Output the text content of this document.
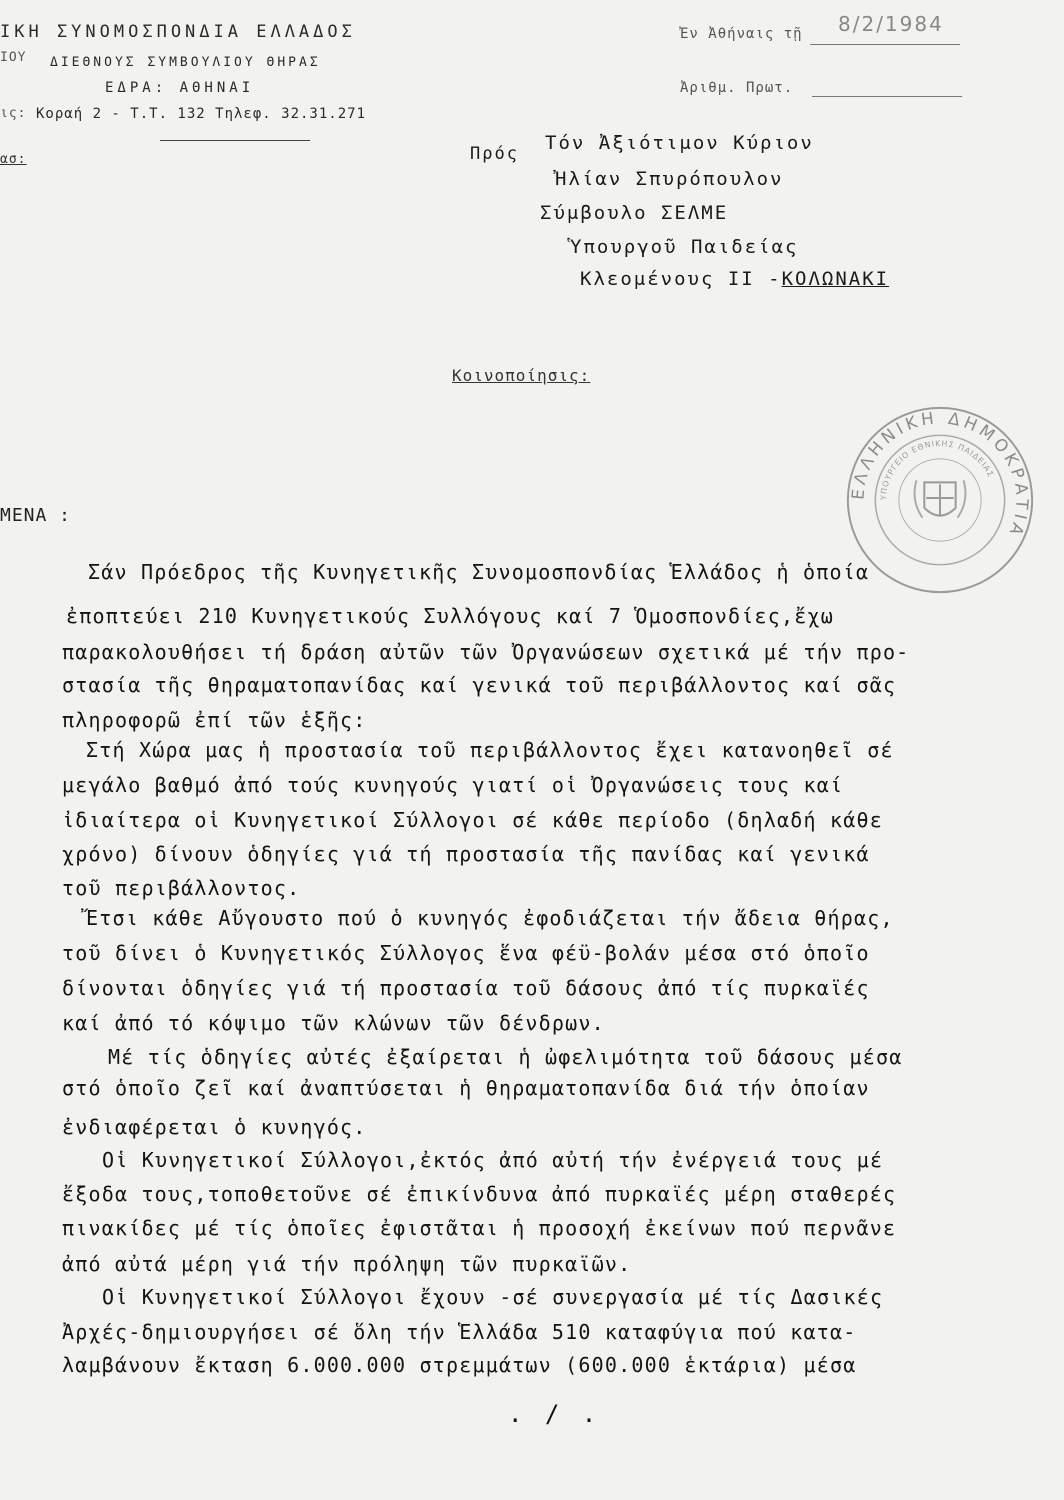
ΙΚΗ ΣΥΝΟΜΟΣΠΟΝΔΙΑ ΕΛΛΑΔΟΣ
ΙΟΥ ΔΙΕΘΝΟΥΣ ΣΥΜΒΟΥΛΙΟΥ ΘΗΡΑΣ
ΕΔΡΑ: ΑΘΗΝΑΙ
ις: Κοραή 2 - Τ.Τ. 132 Τηλεφ. 32.31.271
ασ:
Ἐν Ἀθήναις τῇ 8/2/1984
Ἀριθμ. Πρωτ.
Πρός Τόν Ἀξιότιμον Κύριον
Ἠλίαν Σπυρόπουλον
Σύμβουλο ΣΕΛΜΕ
Ὑπουργοῦ Παιδείας
Κλεομένους ΙΙ -ΚΟΛΩΝΑΚΙ
Κοινοποίησις:
ΕΛΛΗΝΙΚΗ ΔΗΜΟΚΡΑΤΙΑ
ΥΠΟΥΡΓΕΙΟ ΕΘΝΙΚΗΣ ΠΑΙΔΕΙΑΣ
ΜΕΝΑ :
Σάν Πρόεδρος τῆς Κυνηγετικῆς Συνομοσπονδίας Ἑλλάδος ἡ ὁποία
ἐποπτεύει 210 Κυνηγετικούς Συλλόγους καί 7 Ὁμοσπονδίες,ἔχω
παρακολουθήσει τή δράση αὐτῶν τῶν Ὀργανώσεων σχετικά μέ τήν προ-
στασία τῆς θηραματοπανίδας καί γενικά τοῦ περιβάλλοντος καί σᾶς
πληροφορῶ ἐπί τῶν ἑξῆς:
Στή Χώρα μας ἡ προστασία τοῦ περιβάλλοντος ἔχει κατανοηθεῖ σέ
μεγάλο βαθμό ἀπό τούς κυνηγούς γιατί οἱ Ὀργανώσεις τους καί
ἰδιαίτερα οἱ Κυνηγετικοί Σύλλογοι σέ κάθε περίοδο (δηλαδή κάθε
χρόνο) δίνουν ὁδηγίες γιά τή προστασία τῆς πανίδας καί γενικά
τοῦ περιβάλλοντος.
Ἔτσι κάθε Αὔγουστο πού ὁ κυνηγός ἐφοδιάζεται τήν ἄδεια θήρας,
τοῦ δίνει ὁ Κυνηγετικός Σύλλογος ἕνα φέϋ-βολάν μέσα στό ὁποῖο
δίνονται ὁδηγίες γιά τή προστασία τοῦ δάσους ἀπό τίς πυρκαϊές
καί ἀπό τό κόψιμο τῶν κλώνων τῶν δένδρων.
Μέ τίς ὁδηγίες αὐτές ἐξαίρεται ἡ ὠφελιμότητα τοῦ δάσους μέσα
στό ὁποῖο ζεῖ καί ἀναπτύσεται ἡ θηραματοπανίδα διά τήν ὁποίαν
ἐνδιαφέρεται ὁ κυνηγός.
Οἱ Κυνηγετικοί Σύλλογοι,ἐκτός ἀπό αὐτή τήν ἐνέργειά τους μέ
ἔξοδα τους,τοποθετοῦνε σέ ἐπικίνδυνα ἀπό πυρκαϊές μέρη σταθερές
πινακίδες μέ τίς ὁποῖες ἐφιστᾶται ἡ προσοχή ἐκείνων πού περνᾶνε
ἀπό αὐτά μέρη γιά τήν πρόληψη τῶν πυρκαϊῶν.
Οἱ Κυνηγετικοί Σύλλογοι ἔχουν -σέ συνεργασία μέ τίς Δασικές
Ἀρχές-δημιουργήσει σέ ὅλη τήν Ἑλλάδα 510 καταφύγια πού κατα-
λαμβάνουν ἔκταση 6.000.000 στρεμμάτων (600.000 ἑκτάρια) μέσα
. / .
